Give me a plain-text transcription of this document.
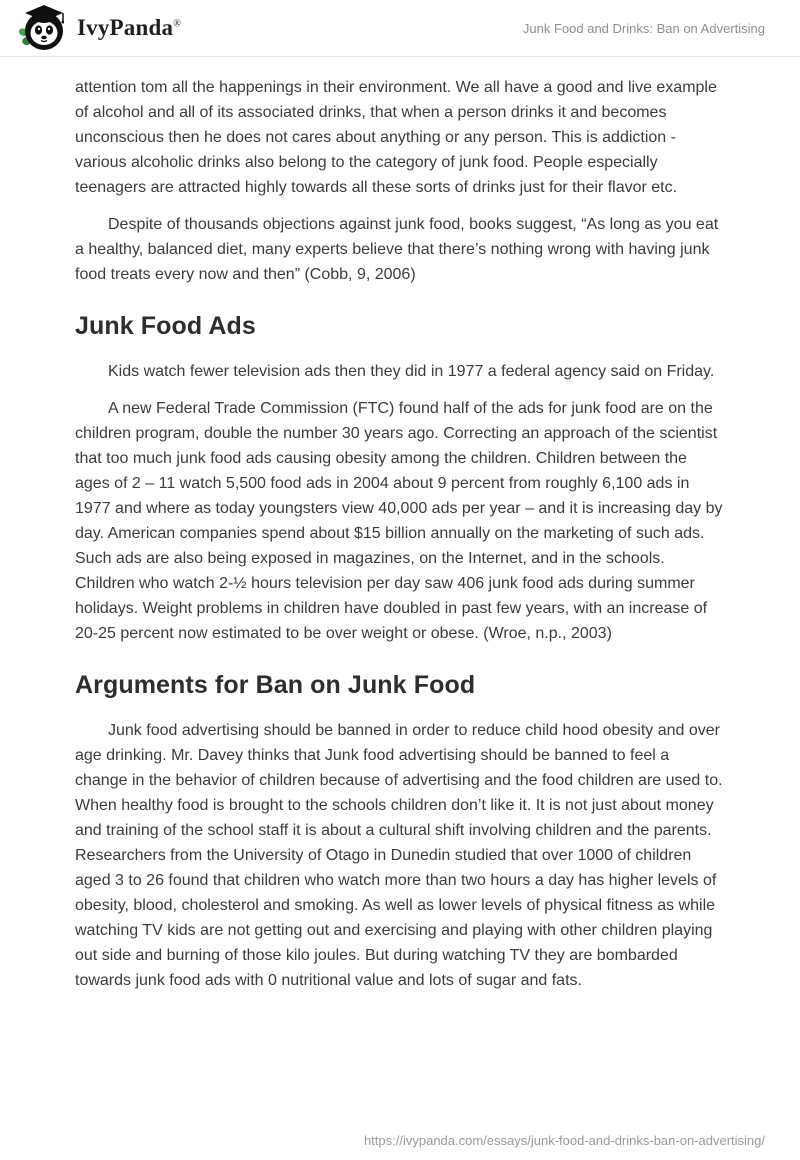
IvyPanda®	Junk Food and Drinks: Ban on Advertising

attention tom all the happenings in their environment. We all have a good and live example of alcohol and all of its associated drinks, that when a person drinks it and becomes unconscious then he does not cares about anything or any person. This is addiction - various alcoholic drinks also belong to the category of junk food. People especially teenagers are attracted highly towards all these sorts of drinks just for their flavor etc.

Despite of thousands objections against junk food, books suggest, “As long as you eat a healthy, balanced diet, many experts believe that there’s nothing wrong with having junk food treats every now and then” (Cobb, 9, 2006)

Junk Food Ads

Kids watch fewer television ads then they did in 1977 a federal agency said on Friday.

A new Federal Trade Commission (FTC) found half of the ads for junk food are on the children program, double the number 30 years ago. Correcting an approach of the scientist that too much junk food ads causing obesity among the children. Children between the ages of 2 – 11 watch 5,500 food ads in 2004 about 9 percent from roughly 6,100 ads in 1977 and where as today youngsters view 40,000 ads per year – and it is increasing day by day. American companies spend about $15 billion annually on the marketing of such ads. Such ads are also being exposed in magazines, on the Internet, and in the schools. Children who watch 2-½ hours television per day saw 406 junk food ads during summer holidays. Weight problems in children have doubled in past few years, with an increase of 20-25 percent now estimated to be over weight or obese. (Wroe, n.p., 2003)

Arguments for Ban on Junk Food

Junk food advertising should be banned in order to reduce child hood obesity and over age drinking. Mr. Davey thinks that Junk food advertising should be banned to feel a change in the behavior of children because of advertising and the food children are used to. When healthy food is brought to the schools children don’t like it. It is not just about money and training of the school staff it is about a cultural shift involving children and the parents. Researchers from the University of Otago in Dunedin studied that over 1000 of children aged 3 to 26 found that children who watch more than two hours a day has higher levels of obesity, blood, cholesterol and smoking. As well as lower levels of physical fitness as while watching TV kids are not getting out and exercising and playing with other children playing out side and burning of those kilo joules. But during watching TV they are bombarded towards junk food ads with 0 nutritional value and lots of sugar and fats.

https://ivypanda.com/essays/junk-food-and-drinks-ban-on-advertising/
